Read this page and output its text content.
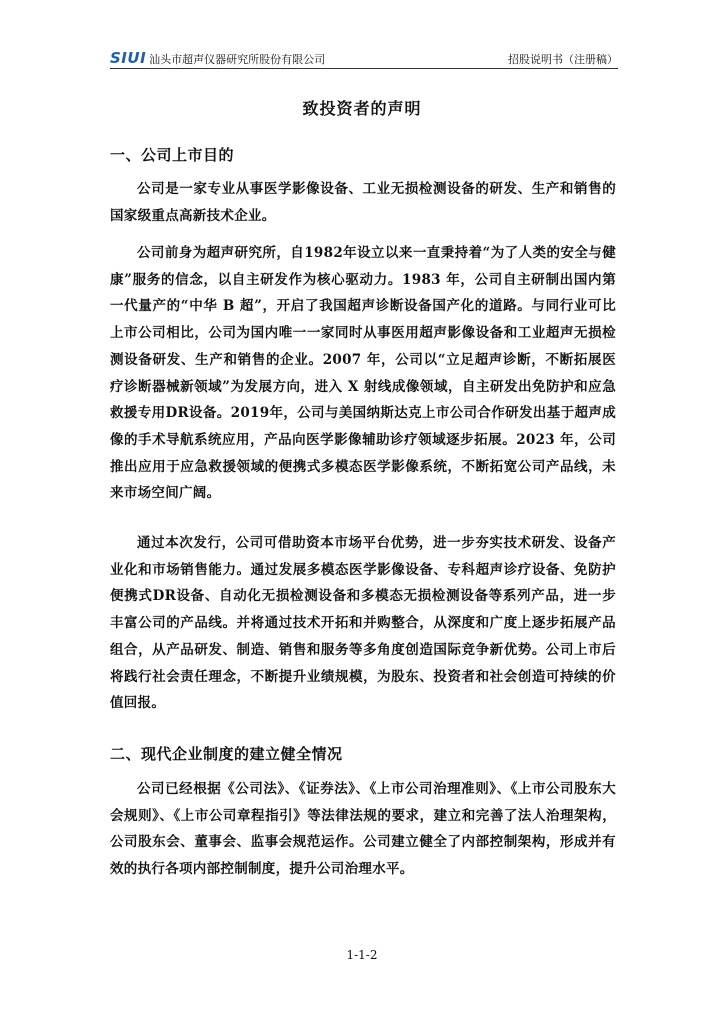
SIUI 汕头市超声仪器研究所股份有限公司	招股说明书（注册稿）
致投资者的声明
一、公司上市目的

公司是一家专业从事医学影像设备、工业无损检测设备的研发、生产和销售的国家级重点高新技术企业。

公司前身为超声研究所，自1982年设立以来一直秉持着“为了人类的安全与健康”服务的信念，以自主研发作为核心驱动力。1983 年，公司自主研制出国内第一代量产的“中华 B 超”，开启了我国超声诊断设备国产化的道路。与同行业可比上市公司相比，公司为国内唯一一家同时从事医用超声影像设备和工业超声无损检测设备研发、生产和销售的企业。2007 年，公司以“立足超声诊断，不断拓展医疗诊断器械新领域”为发展方向，进入 X 射线成像领域，自主研发出免防护和应急救援专用DR设备。2019年，公司与美国纳斯达克上市公司合作研发出基于超声成像的手术导航系统应用，产品向医学影像辅助诊疗领域逐步拓展。2023 年，公司推出应用于应急救援领域的便携式多模态医学影像系统，不断拓宽公司产品线，未来市场空间广阔。

通过本次发行，公司可借助资本市场平台优势，进一步夯实技术研发、设备产业化和市场销售能力。通过发展多模态医学影像设备、专科超声诊疗设备、免防护便携式DR设备、自动化无损检测设备和多模态无损检测设备等系列产品，进一步丰富公司的产品线。并将通过技术开拓和并购整合，从深度和广度上逐步拓展产品组合，从产品研发、制造、销售和服务等多角度创造国际竞争新优势。公司上市后将践行社会责任理念，不断提升业绩规模，为股东、投资者和社会创造可持续的价值回报。

二、现代企业制度的建立健全情况

公司已经根据《公司法》、《证券法》、《上市公司治理准则》、《上市公司股东大会规则》、《上市公司章程指引》等法律法规的要求，建立和完善了法人治理架构，公司股东会、董事会、监事会规范运作。公司建立健全了内部控制架构，形成并有效的执行各项内部控制制度，提升公司治理水平。

1-1-2
